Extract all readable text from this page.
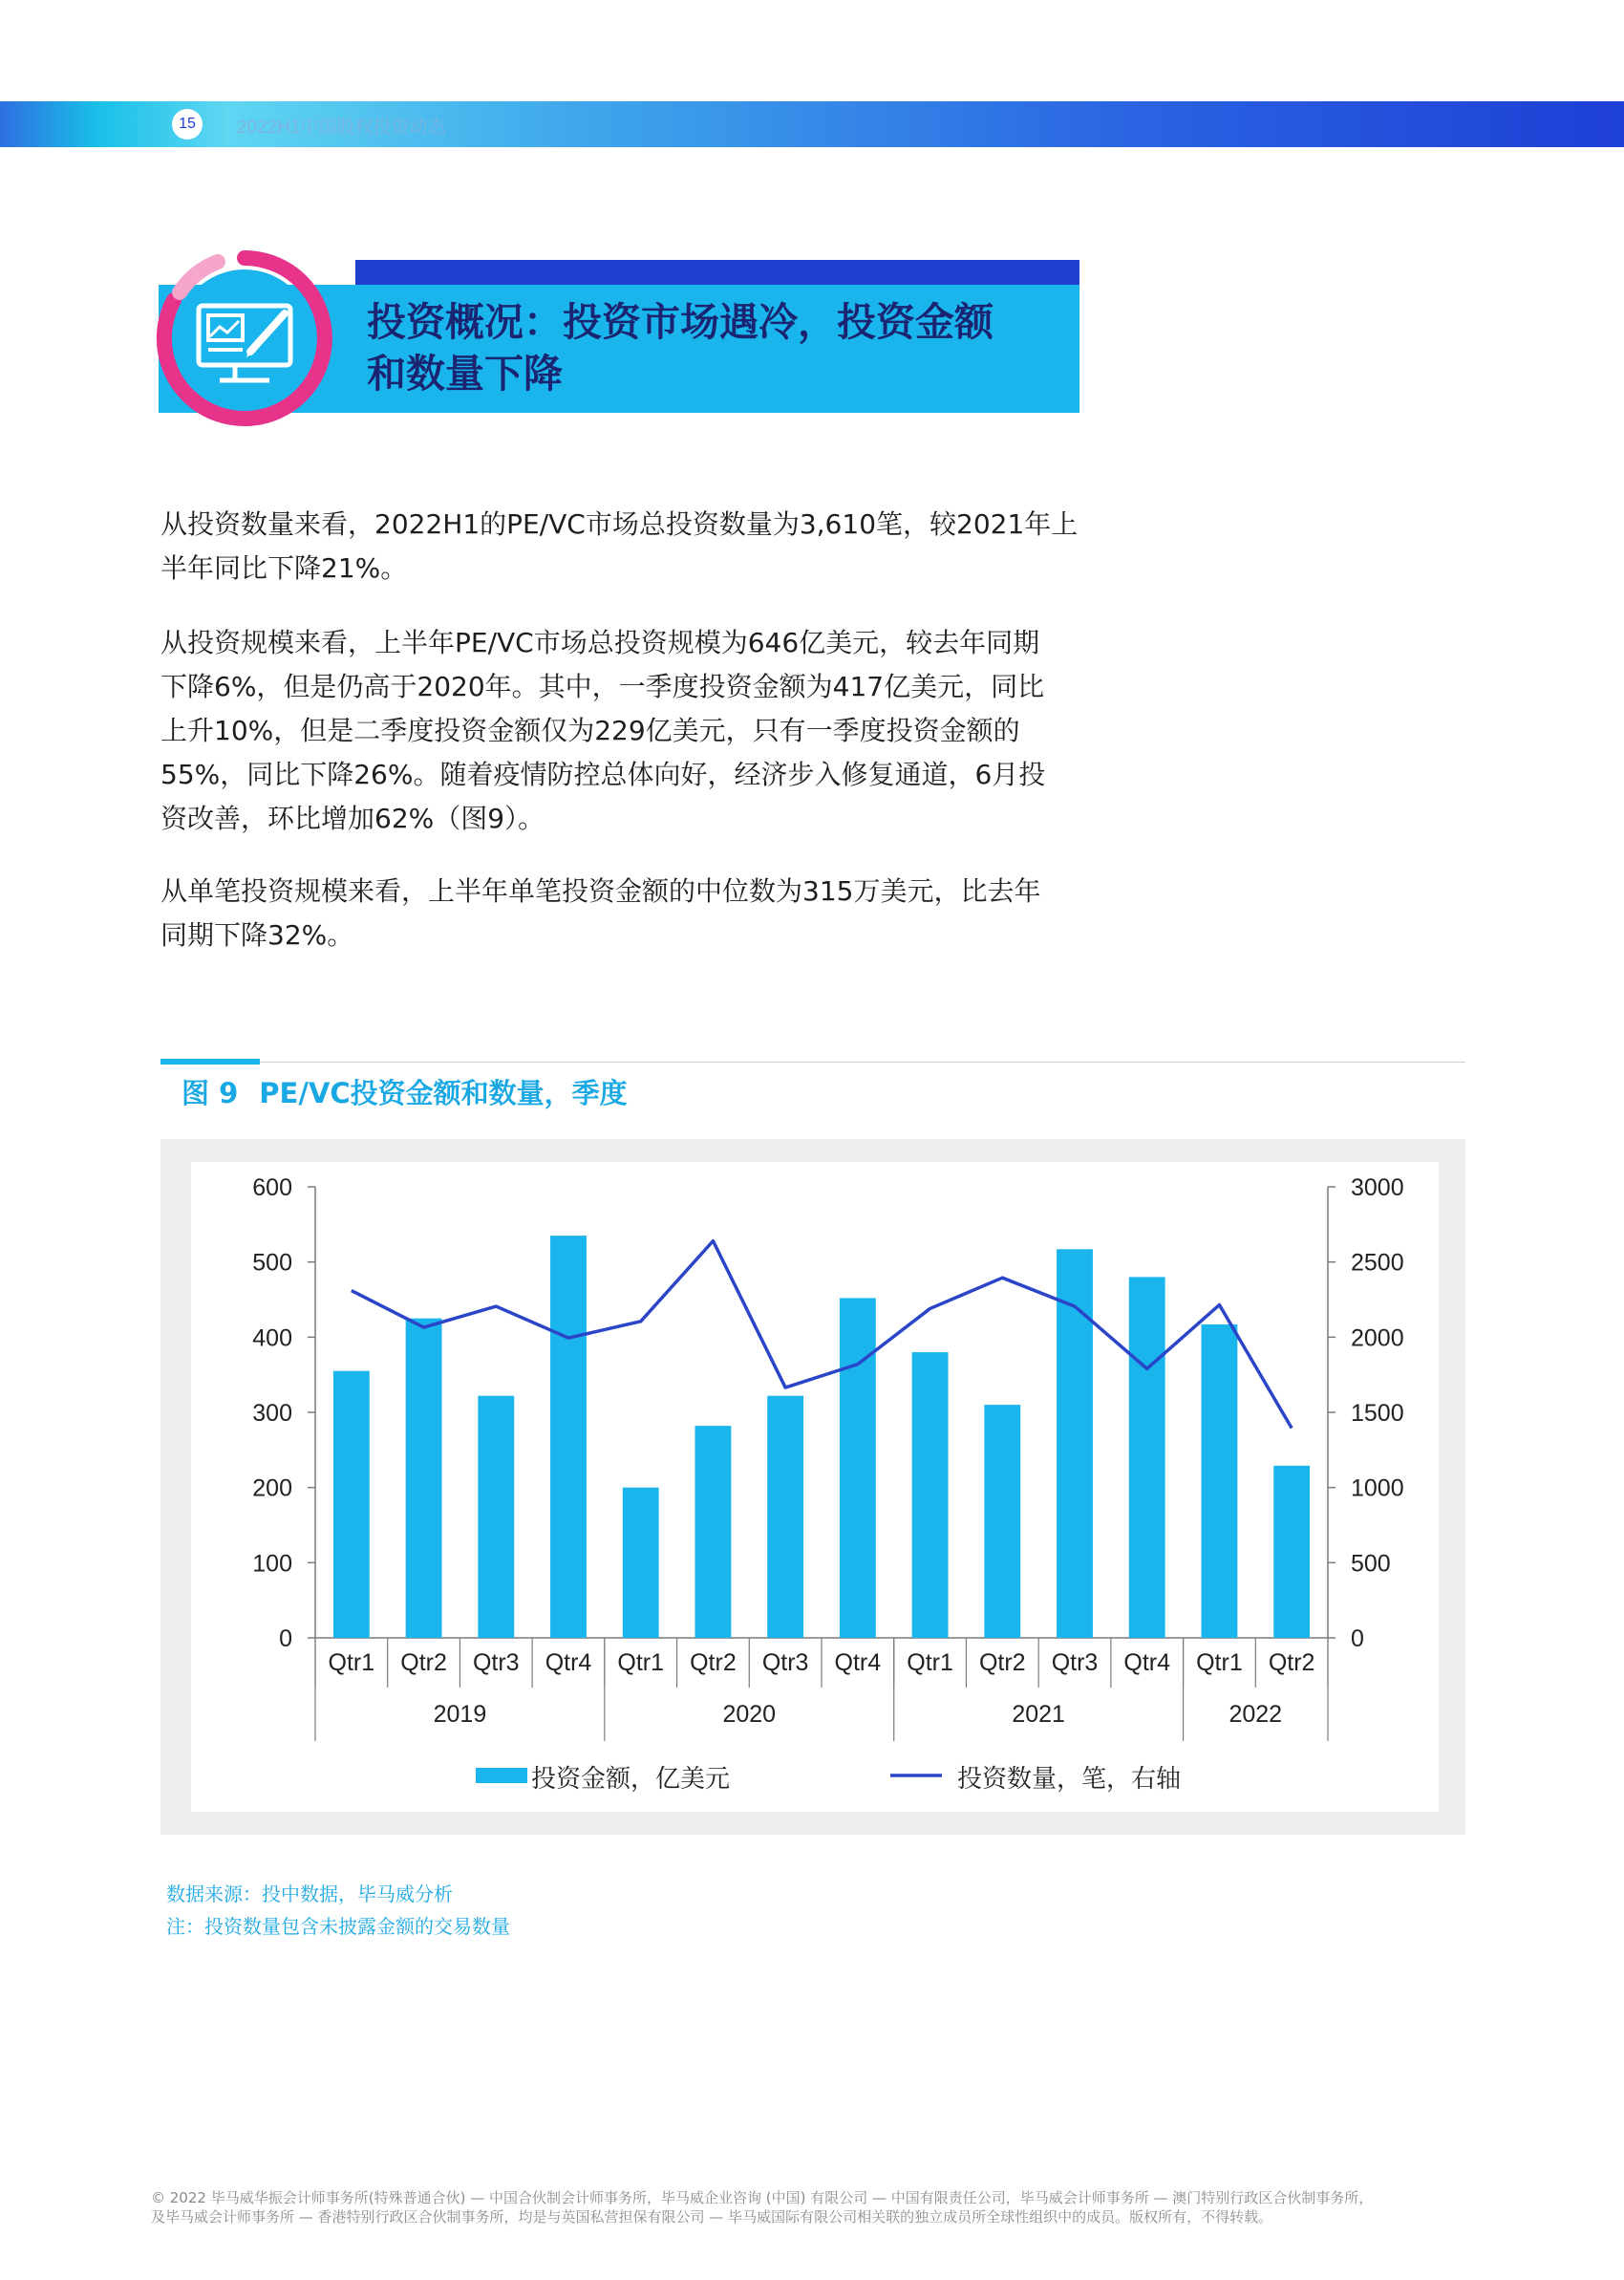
15	2022H1中国股权投资动态
投资概况：投资市场遇冷，投资金额
和数量下降
从投资数量来看，2022H1的PE/VC市场总投资数量为3,610笔，较2021年上
半年同比下降21%。
从投资规模来看，上半年PE/VC市场总投资规模为646亿美元，较去年同期
下降6%，但是仍高于2020年。其中，一季度投资金额为417亿美元，同比
上升10%，但是二季度投资金额仅为229亿美元，只有一季度投资金额的
55%，同比下降26%。随着疫情防控总体向好，经济步入修复通道，6月投
资改善，环比增加62%（图9）。
从单笔投资规模来看，上半年单笔投资金额的中位数为315万美元，比去年
同期下降32%。
图 9 PE/VC投资金额和数量，季度
0
100
200
300
400
500
600
0
500
1000
1500
2000
2500
3000
Qtr1 Qtr2 Qtr3 Qtr4 Qtr1 Qtr2 Qtr3 Qtr4 Qtr1 Qtr2 Qtr3 Qtr4 Qtr1 Qtr2
2019	2020	2021	2022
投资金额，亿美元	投资数量，笔，右轴
数据来源：投中数据，毕马威分析
注：投资数量包含未披露金额的交易数量
© 2022 毕马威华振会计师事务所(特殊普通合伙) — 中国合伙制会计师事务所，毕马威企业咨询 (中国) 有限公司 — 中国有限责任公司，毕马威会计师事务所 — 澳门特别行政区合伙制事务所，
及毕马威会计师事务所 — 香港特别行政区合伙制事务所，均是与英国私营担保有限公司 — 毕马威国际有限公司相关联的独立成员所全球性组织中的成员。版权所有，不得转载。
